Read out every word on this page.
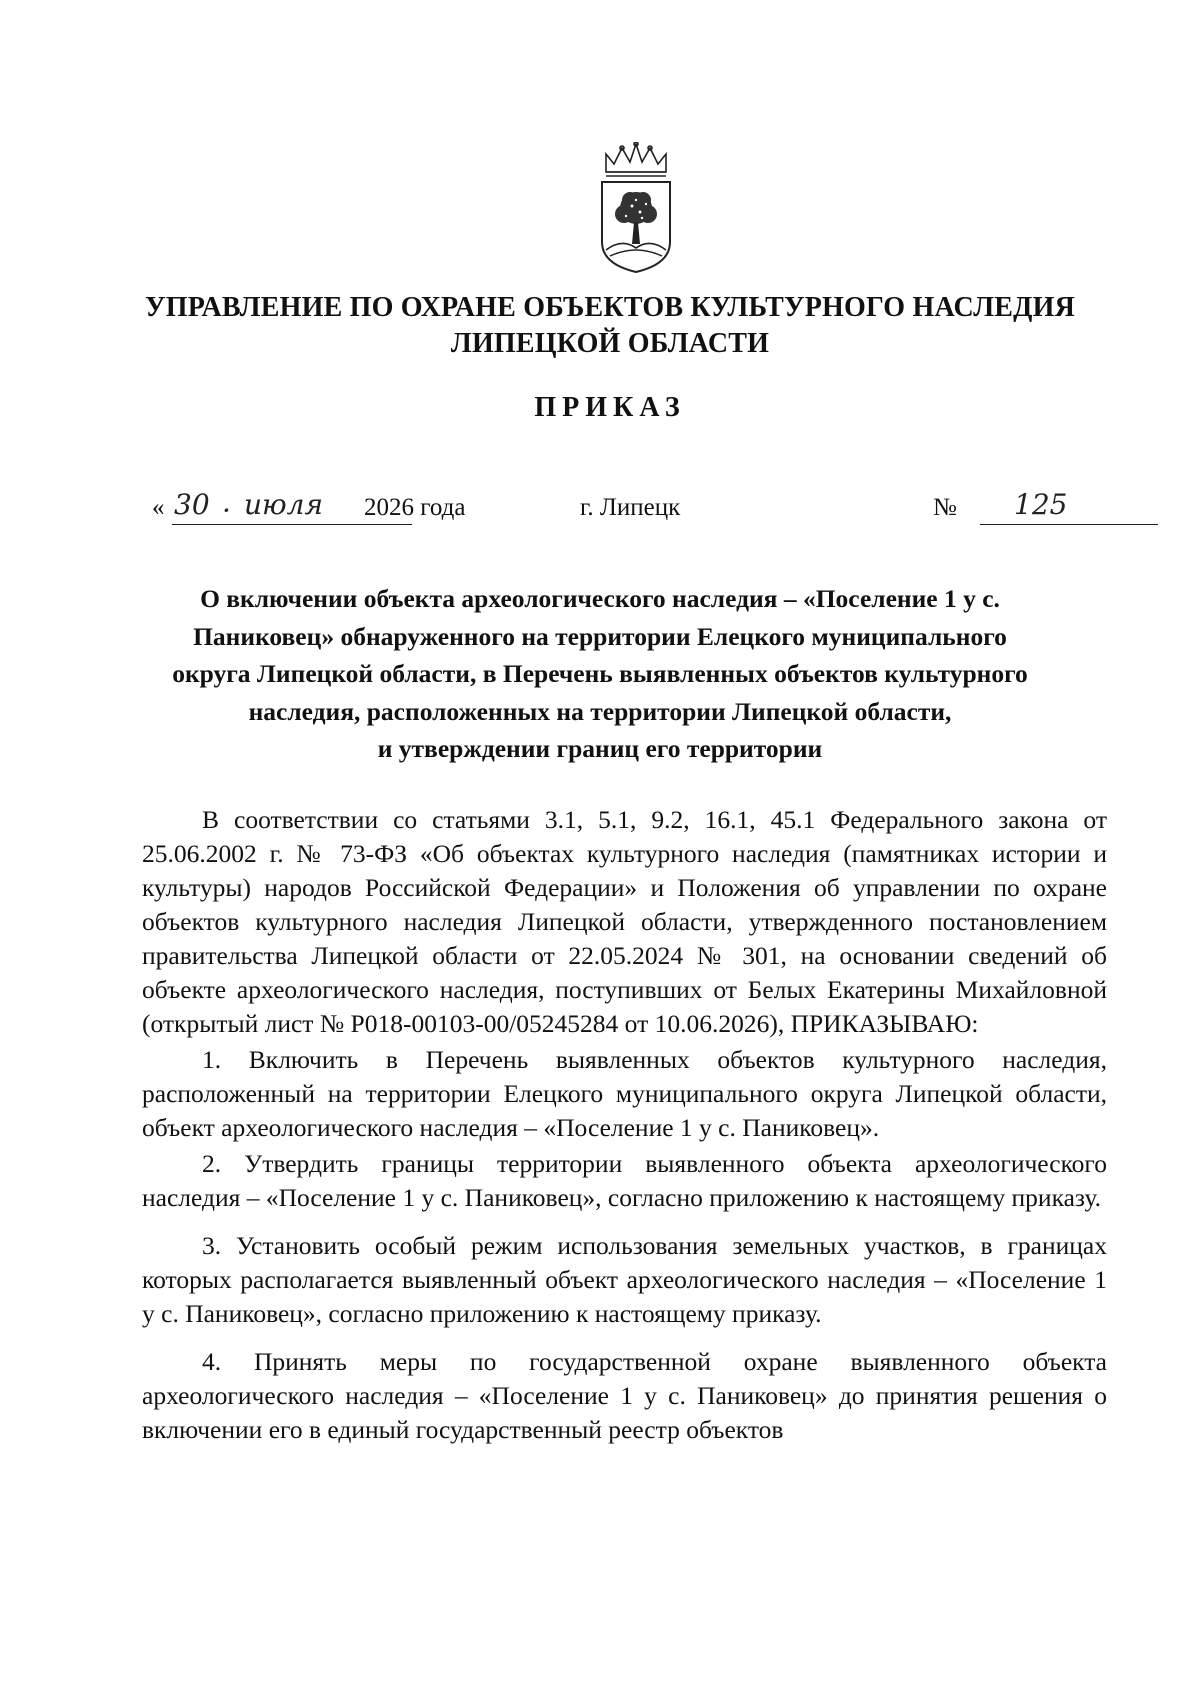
УПРАВЛЕНИЕ ПО ОХРАНЕ ОБЪЕКТОВ КУЛЬТУРНОГО НАСЛЕДИЯ
ЛИПЕЦКОЙ ОБЛАСТИ
ПРИКАЗ
« 30 · июля 2026 года	г. Липецк	№ 125
О включении объекта археологического наследия – «Поселение 1 у с.
Паниковец» обнаруженного на территории Елецкого муниципального
округа Липецкой области, в Перечень выявленных объектов культурного
наследия, расположенных на территории Липецкой области,
и утверждении границ его территории

В соответствии со статьями 3.1, 5.1, 9.2, 16.1, 45.1 Федерального закона от 25.06.2002 г. № 73-ФЗ «Об объектах культурного наследия (памятниках истории и культуры) народов Российской Федерации» и Положения об управлении по охране объектов культурного наследия Липецкой области, утвержденного постановлением правительства Липецкой области от 22.05.2024 № 301, на основании сведений об объекте археологического наследия, поступивших от Белых Екатерины Михайловной (открытый лист № Р018-00103-00/05245284 от 10.06.2026), ПРИКАЗЫВАЮ:

1. Включить в Перечень выявленных объектов культурного наследия, расположенный на территории Елецкого муниципального округа Липецкой области, объект археологического наследия – «Поселение 1 у с. Паниковец».

2. Утвердить границы территории выявленного объекта археологического наследия – «Поселение 1 у с. Паниковец», согласно приложению к настоящему приказу.

3. Установить особый режим использования земельных участков, в границах которых располагается выявленный объект археологического наследия – «Поселение 1 у с. Паниковец», согласно приложению к настоящему приказу.

4. Принять меры по государственной охране выявленного объекта археологического наследия – «Поселение 1 у с. Паниковец» до принятия решения о включении его в единый государственный реестр объектов
